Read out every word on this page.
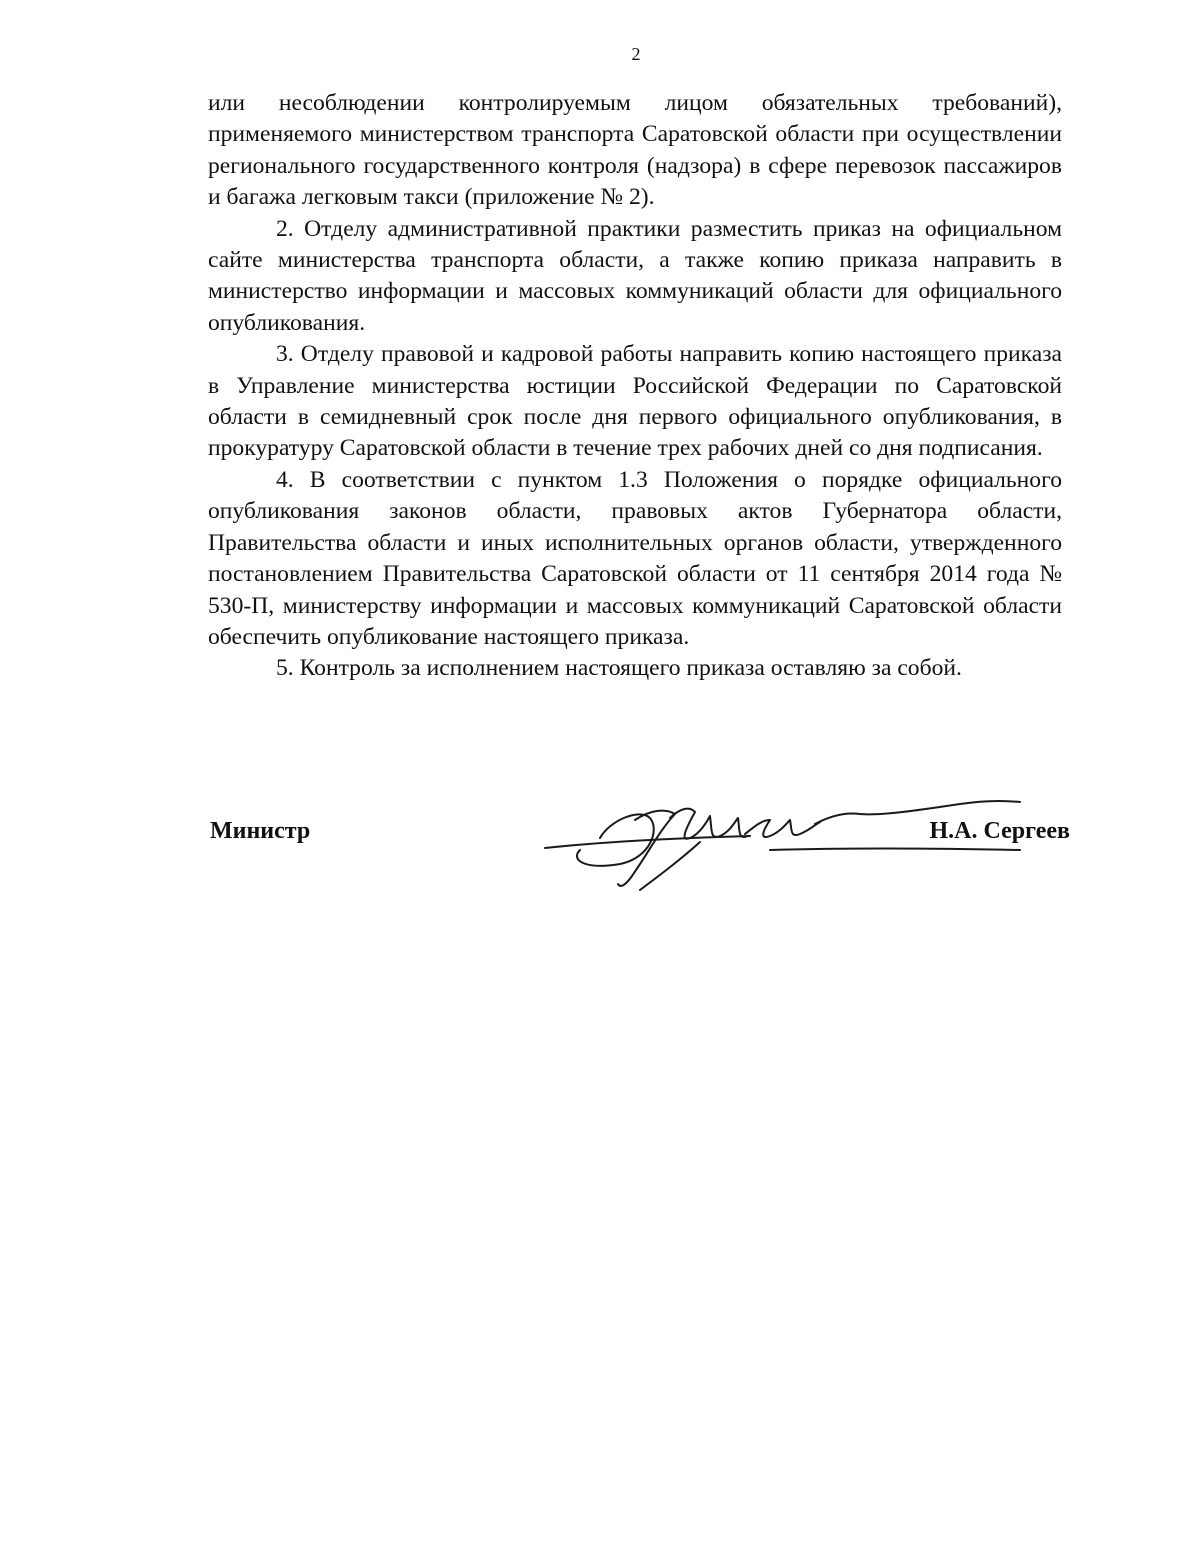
2

или несоблюдении контролируемым лицом обязательных требований), применяемого министерством транспорта Саратовской области при осуществлении регионального государственного контроля (надзора) в сфере перевозок пассажиров и багажа легковым такси (приложение № 2).

2. Отделу административной практики разместить приказ на официальном сайте министерства транспорта области, а также копию приказа направить в министерство информации и массовых коммуникаций области для официального опубликования.

3. Отделу правовой и кадровой работы направить копию настоящего приказа в Управление министерства юстиции Российской Федерации по Саратовской области в семидневный срок после дня первого официального опубликования, в прокуратуру Саратовской области в течение трех рабочих дней со дня подписания.

4. В соответствии с пунктом 1.3 Положения о порядке официального опубликования законов области, правовых актов Губернатора области, Правительства области и иных исполнительных органов области, утвержденного постановлением Правительства Саратовской области от 11 сентября 2014 года № 530-П, министерству информации и массовых коммуникаций Саратовской области обеспечить опубликование настоящего приказа.

5. Контроль за исполнением настоящего приказа оставляю за собой.

Министр	Н.А. Сергеев
